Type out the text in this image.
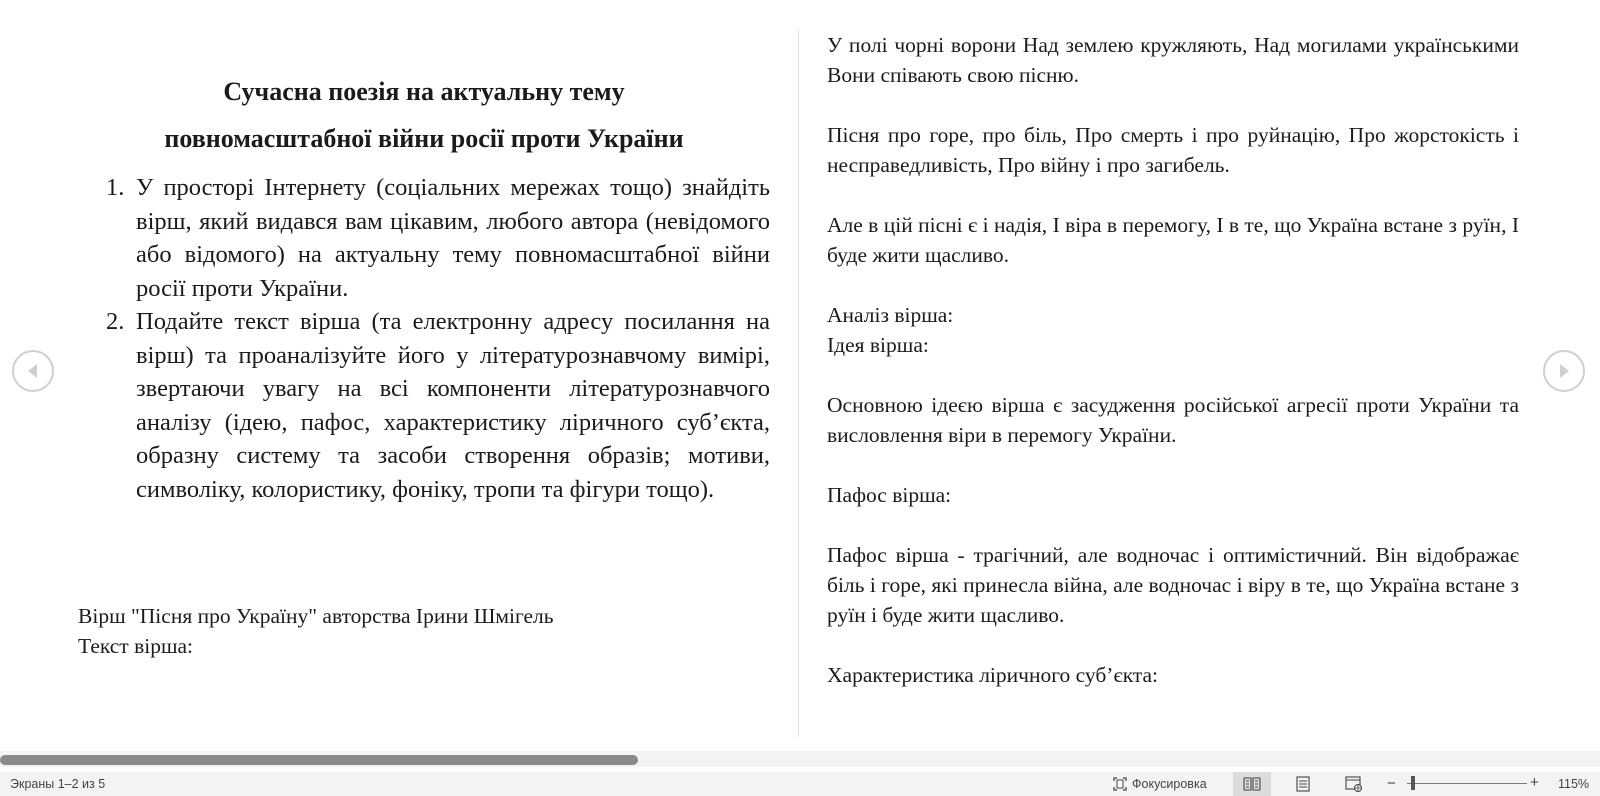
Сучасна поезія на актуальну тему
повномасштабної війни росії проти України
1. У просторі Інтернету (соціальних мережах тощо) знайдіть вірш, який видався вам цікавим, любого автора (невідомого або відомого) на актуальну тему повномасштабної війни росії проти України.
2. Подайте текст вірша (та електронну адресу посилання на вірш) та проаналізуйте його у літературознавчому вимірі, звертаючи увагу на всі компоненти літературознавчого аналізу (ідею, пафос, характеристику ліричного суб’єкта, образну систему та засоби створення образів; мотиви, символіку, колористику, фоніку, тропи та фігури тощо).
Вірш "Пісня про Україну" авторства Ірини Шмігель
Текст вірша:

У полі чорні ворони Над землею кружляють, Над могилами українськими Вони співають свою пісню.

Пісня про горе, про біль, Про смерть і про руйнацію, Про жорстокість і несправедливість, Про війну і про загибель.

Але в цій пісні є і надія, І віра в перемогу, І в те, що Україна встане з руїн, І буде жити щасливо.

Аналіз вірша:

Ідея вірша:

Основною ідеєю вірша є засудження російської агресії проти України та висловлення віри в перемогу України.

Пафос вірша:

Пафос вірша - трагічний, але водночас і оптимістичний. Він відображає біль і горе, які принесла війна, але водночас і віру в те, що Україна встане з руїн і буде жити щасливо.

Характеристика ліричного суб’єкта:

Экраны 1–2 из 5	Фокусировка	−	+ 115%
